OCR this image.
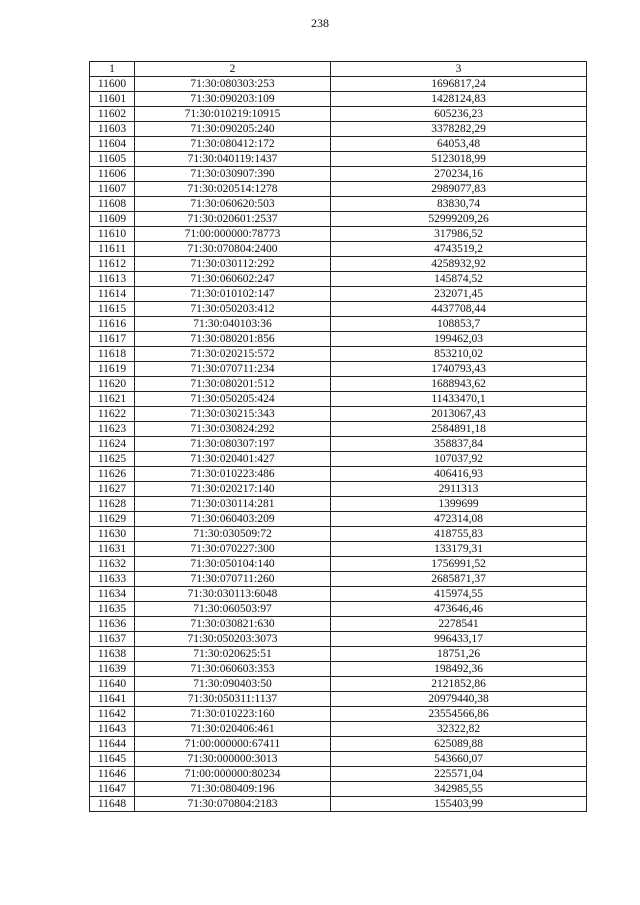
238
1	2	3
11600	71:30:080303:253	1696817,24
11601	71:30:090203:109	1428124,83
11602	71:30:010219:10915	605236,23
11603	71:30:090205:240	3378282,29
11604	71:30:080412:172	64053,48
11605	71:30:040119:1437	5123018,99
11606	71:30:030907:390	270234,16
11607	71:30:020514:1278	2989077,83
11608	71:30:060620:503	83830,74
11609	71:30:020601:2537	52999209,26
11610	71:00:000000:78773	317986,52
11611	71:30:070804:2400	4743519,2
11612	71:30:030112:292	4258932,92
11613	71:30:060602:247	145874,52
11614	71:30:010102:147	232071,45
11615	71:30:050203:412	4437708,44
11616	71:30:040103:36	108853,7
11617	71:30:080201:856	199462,03
11618	71:30:020215:572	853210,02
11619	71:30:070711:234	1740793,43
11620	71:30:080201:512	1688943,62
11621	71:30:050205:424	11433470,1
11622	71:30:030215:343	2013067,43
11623	71:30:030824:292	2584891,18
11624	71:30:080307:197	358837,84
11625	71:30:020401:427	107037,92
11626	71:30:010223:486	406416,93
11627	71:30:020217:140	2911313
11628	71:30:030114:281	1399699
11629	71:30:060403:209	472314,08
11630	71:30:030509:72	418755,83
11631	71:30:070227:300	133179,31
11632	71:30:050104:140	1756991,52
11633	71:30:070711:260	2685871,37
11634	71:30:030113:6048	415974,55
11635	71:30:060503:97	473646,46
11636	71:30:030821:630	2278541
11637	71:30:050203:3073	996433,17
11638	71:30:020625:51	18751,26
11639	71:30:060603:353	198492,36
11640	71:30:090403:50	2121852,86
11641	71:30:050311:1137	20979440,38
11642	71:30:010223:160	23554566,86
11643	71:30:020406:461	32322,82
11644	71:00:000000:67411	625089,88
11645	71:30:000000:3013	543660,07
11646	71:00:000000:80234	225571,04
11647	71:30:080409:196	342985,55
11648	71:30:070804:2183	155403,99
